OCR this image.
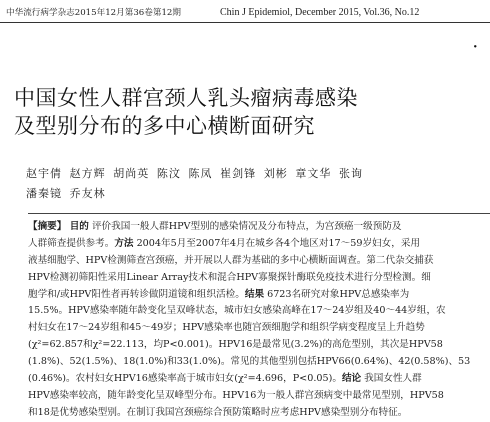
中华流行病学杂志2015年12月第36卷第12期	Chin J Epidemiol, December 2015, Vol.36, No.12
·
中国女性人群宫颈人乳头瘤病毒感染
及型别分布的多中心横断面研究
赵宇倩 赵方辉 胡尚英 陈汶 陈凤 崔剑锋 刘彬 章文华 张询
潘秦镜 乔友林
【摘要】 目的 评价我国一般人群HPV型别的感染情况及分布特点，为宫颈癌一级预防及
人群筛查提供参考。方法 2004年5月至2007年4月在城乡各4个地区对17～59岁妇女，采用
液基细胞学、HPV检测筛查宫颈癌，并开展以人群为基础的多中心横断面调查。第二代杂交捕获
HPV检测初筛阳性采用Linear Array技术和混合HPV寡聚探针酶联免疫技术进行分型检测。细
胞学和/或HPV阳性者再转诊做阴道镜和组织活检。结果 6723名研究对象HPV总感染率为
15.5%。HPV感染率随年龄变化呈双峰状态，城市妇女感染高峰在17～24岁组及40～44岁组，农
村妇女在17～24岁组和45～49岁；HPV感染率也随宫颈细胞学和组织学病变程度呈上升趋势
(χ²=62.857和χ²=22.113，均P<0.001)。HPV16是最常见(3.2%)的高危型别，其次是HPV58
(1.8%)、52(1.5%)、18(1.0%)和33(1.0%)。常见的其他型别包括HPV66(0.64%)、42(0.58%)、53
(0.46%)。农村妇女HPV16感染率高于城市妇女(χ²=4.696，P<0.05)。结论 我国女性人群
HPV感染率较高，随年龄变化呈双峰型分布。HPV16为一般人群宫颈病变中最常见型别，HPV58
和18是优势感染型别。在制订我国宫颈癌综合预防策略时应考虑HPV感染型别分布特征。
